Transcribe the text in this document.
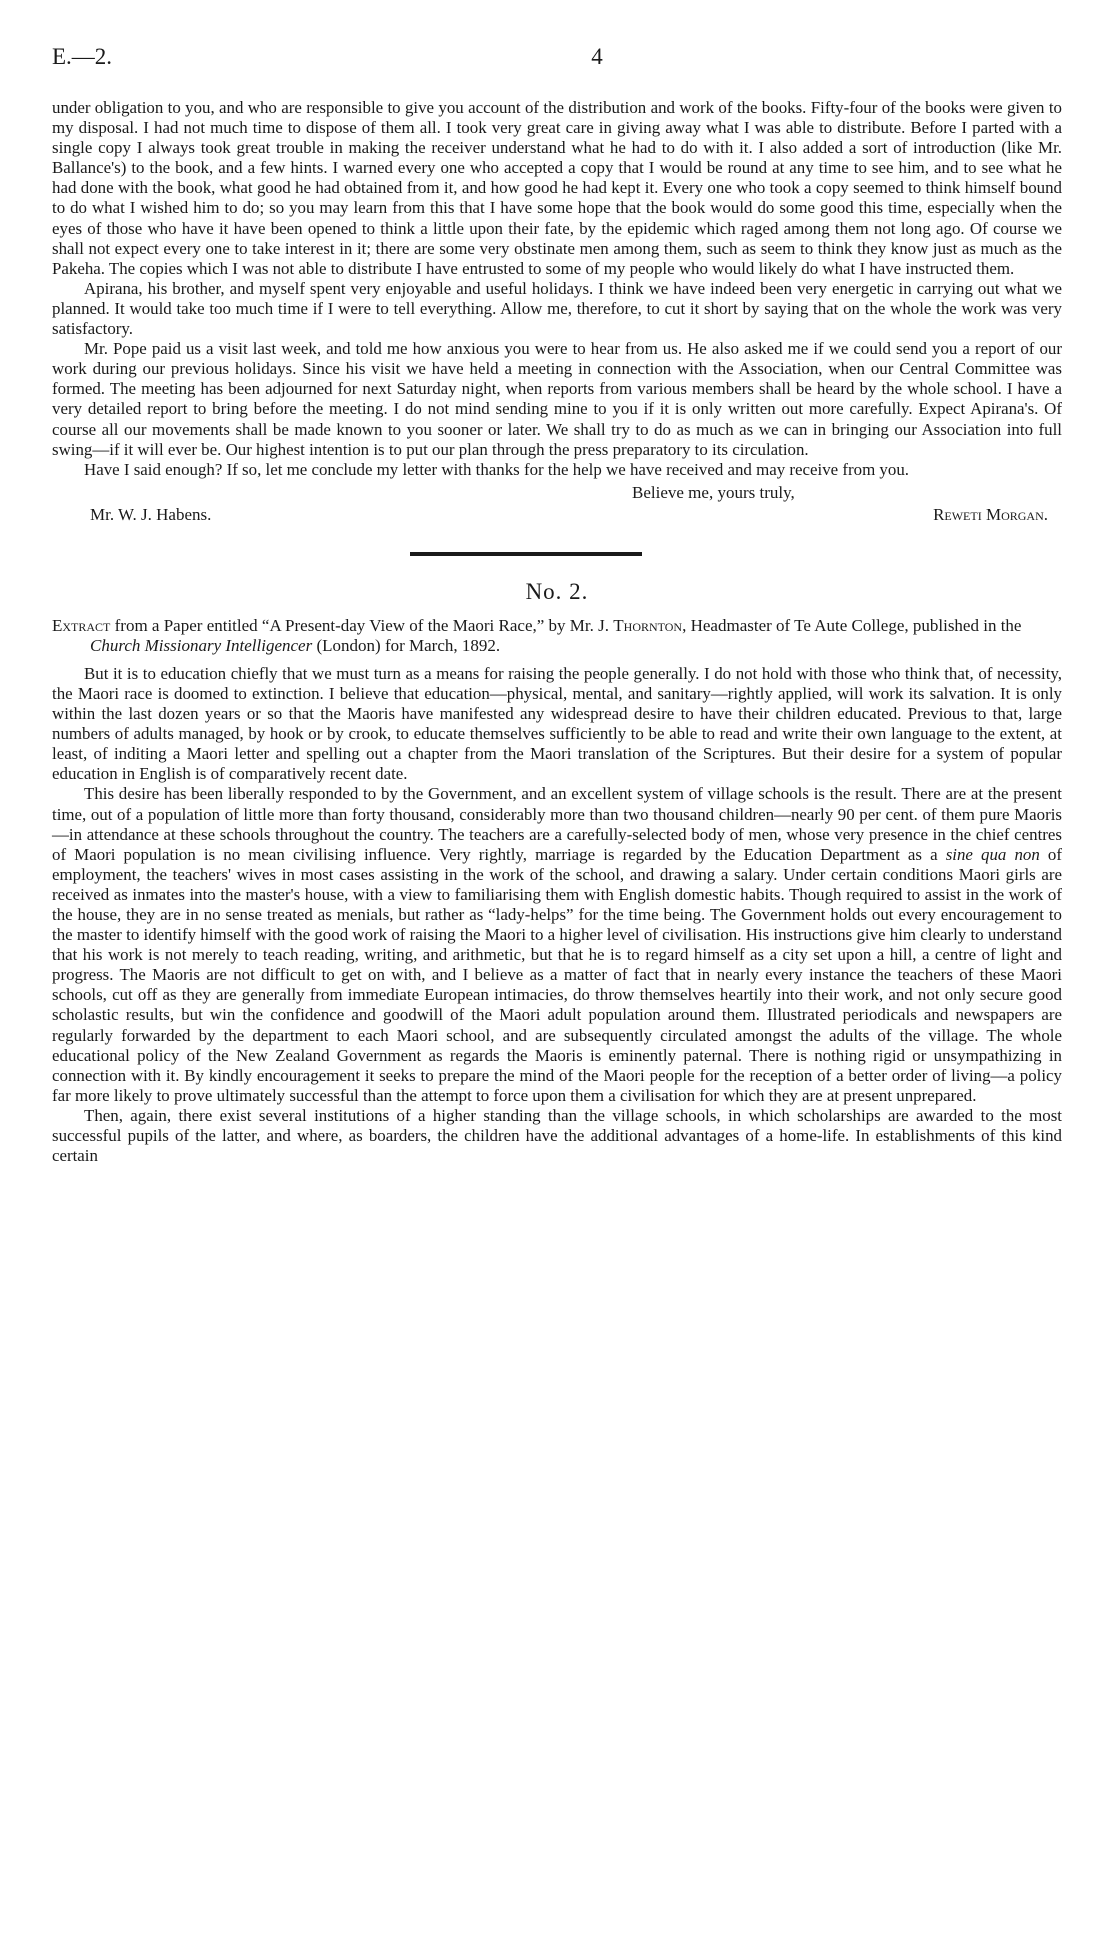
E.—2.	4

under obligation to you, and who are responsible to give you account of the distribution and work of the books. Fifty-four of the books were given to my disposal. I had not much time to dispose of them all. I took very great care in giving away what I was able to distribute. Before I parted with a single copy I always took great trouble in making the receiver understand what he had to do with it. I also added a sort of introduction (like Mr. Ballance's) to the book, and a few hints. I warned every one who accepted a copy that I would be round at any time to see him, and to see what he had done with the book, what good he had obtained from it, and how good he had kept it. Every one who took a copy seemed to think himself bound to do what I wished him to do; so you may learn from this that I have some hope that the book would do some good this time, especially when the eyes of those who have it have been opened to think a little upon their fate, by the epidemic which raged among them not long ago. Of course we shall not expect every one to take interest in it; there are some very obstinate men among them, such as seem to think they know just as much as the Pakeha. The copies which I was not able to distribute I have entrusted to some of my people who would likely do what I have instructed them.

Apirana, his brother, and myself spent very enjoyable and useful holidays. I think we have indeed been very energetic in carrying out what we planned. It would take too much time if I were to tell everything. Allow me, therefore, to cut it short by saying that on the whole the work was very satisfactory.

Mr. Pope paid us a visit last week, and told me how anxious you were to hear from us. He also asked me if we could send you a report of our work during our previous holidays. Since his visit we have held a meeting in connection with the Association, when our Central Committee was formed. The meeting has been adjourned for next Saturday night, when reports from various members shall be heard by the whole school. I have a very detailed report to bring before the meeting. I do not mind sending mine to you if it is only written out more carefully. Expect Apirana's. Of course all our movements shall be made known to you sooner or later. We shall try to do as much as we can in bringing our Association into full swing—if it will ever be. Our highest intention is to put our plan through the press preparatory to its circulation.

Have I said enough? If so, let me conclude my letter with thanks for the help we have received and may receive from you.

Believe me, yours truly,
Mr. W. J. Habens.	Reweti Morgan.
No. 2.

Extract from a Paper entitled “A Present-day View of the Maori Race,” by Mr. J. Thornton, Headmaster of Te Aute College, published in the Church Missionary Intelligencer (London) for March, 1892.

But it is to education chiefly that we must turn as a means for raising the people generally. I do not hold with those who think that, of necessity, the Maori race is doomed to extinction. I believe that education—physical, mental, and sanitary—rightly applied, will work its salvation. It is only within the last dozen years or so that the Maoris have manifested any widespread desire to have their children educated. Previous to that, large numbers of adults managed, by hook or by crook, to educate themselves sufficiently to be able to read and write their own language to the extent, at least, of inditing a Maori letter and spelling out a chapter from the Maori translation of the Scriptures. But their desire for a system of popular education in English is of comparatively recent date.

This desire has been liberally responded to by the Government, and an excellent system of village schools is the result. There are at the present time, out of a population of little more than forty thousand, considerably more than two thousand children—nearly 90 per cent. of them pure Maoris—in attendance at these schools throughout the country. The teachers are a carefully-selected body of men, whose very presence in the chief centres of Maori population is no mean civilising influence. Very rightly, marriage is regarded by the Education Department as a sine qua non of employment, the teachers' wives in most cases assisting in the work of the school, and drawing a salary. Under certain conditions Maori girls are received as inmates into the master's house, with a view to familiarising them with English domestic habits. Though required to assist in the work of the house, they are in no sense treated as menials, but rather as “lady-helps” for the time being. The Government holds out every encouragement to the master to identify himself with the good work of raising the Maori to a higher level of civilisation. His instructions give him clearly to understand that his work is not merely to teach reading, writing, and arithmetic, but that he is to regard himself as a city set upon a hill, a centre of light and progress. The Maoris are not difficult to get on with, and I believe as a matter of fact that in nearly every instance the teachers of these Maori schools, cut off as they are generally from immediate European intimacies, do throw themselves heartily into their work, and not only secure good scholastic results, but win the confidence and goodwill of the Maori adult population around them. Illustrated periodicals and newspapers are regularly forwarded by the department to each Maori school, and are subsequently circulated amongst the adults of the village. The whole educational policy of the New Zealand Government as regards the Maoris is eminently paternal. There is nothing rigid or unsympathizing in connection with it. By kindly encouragement it seeks to prepare the mind of the Maori people for the reception of a better order of living—a policy far more likely to prove ultimately successful than the attempt to force upon them a civilisation for which they are at present unprepared.

Then, again, there exist several institutions of a higher standing than the village schools, in which scholarships are awarded to the most successful pupils of the latter, and where, as boarders, the children have the additional advantages of a home-life. In establishments of this kind certain
